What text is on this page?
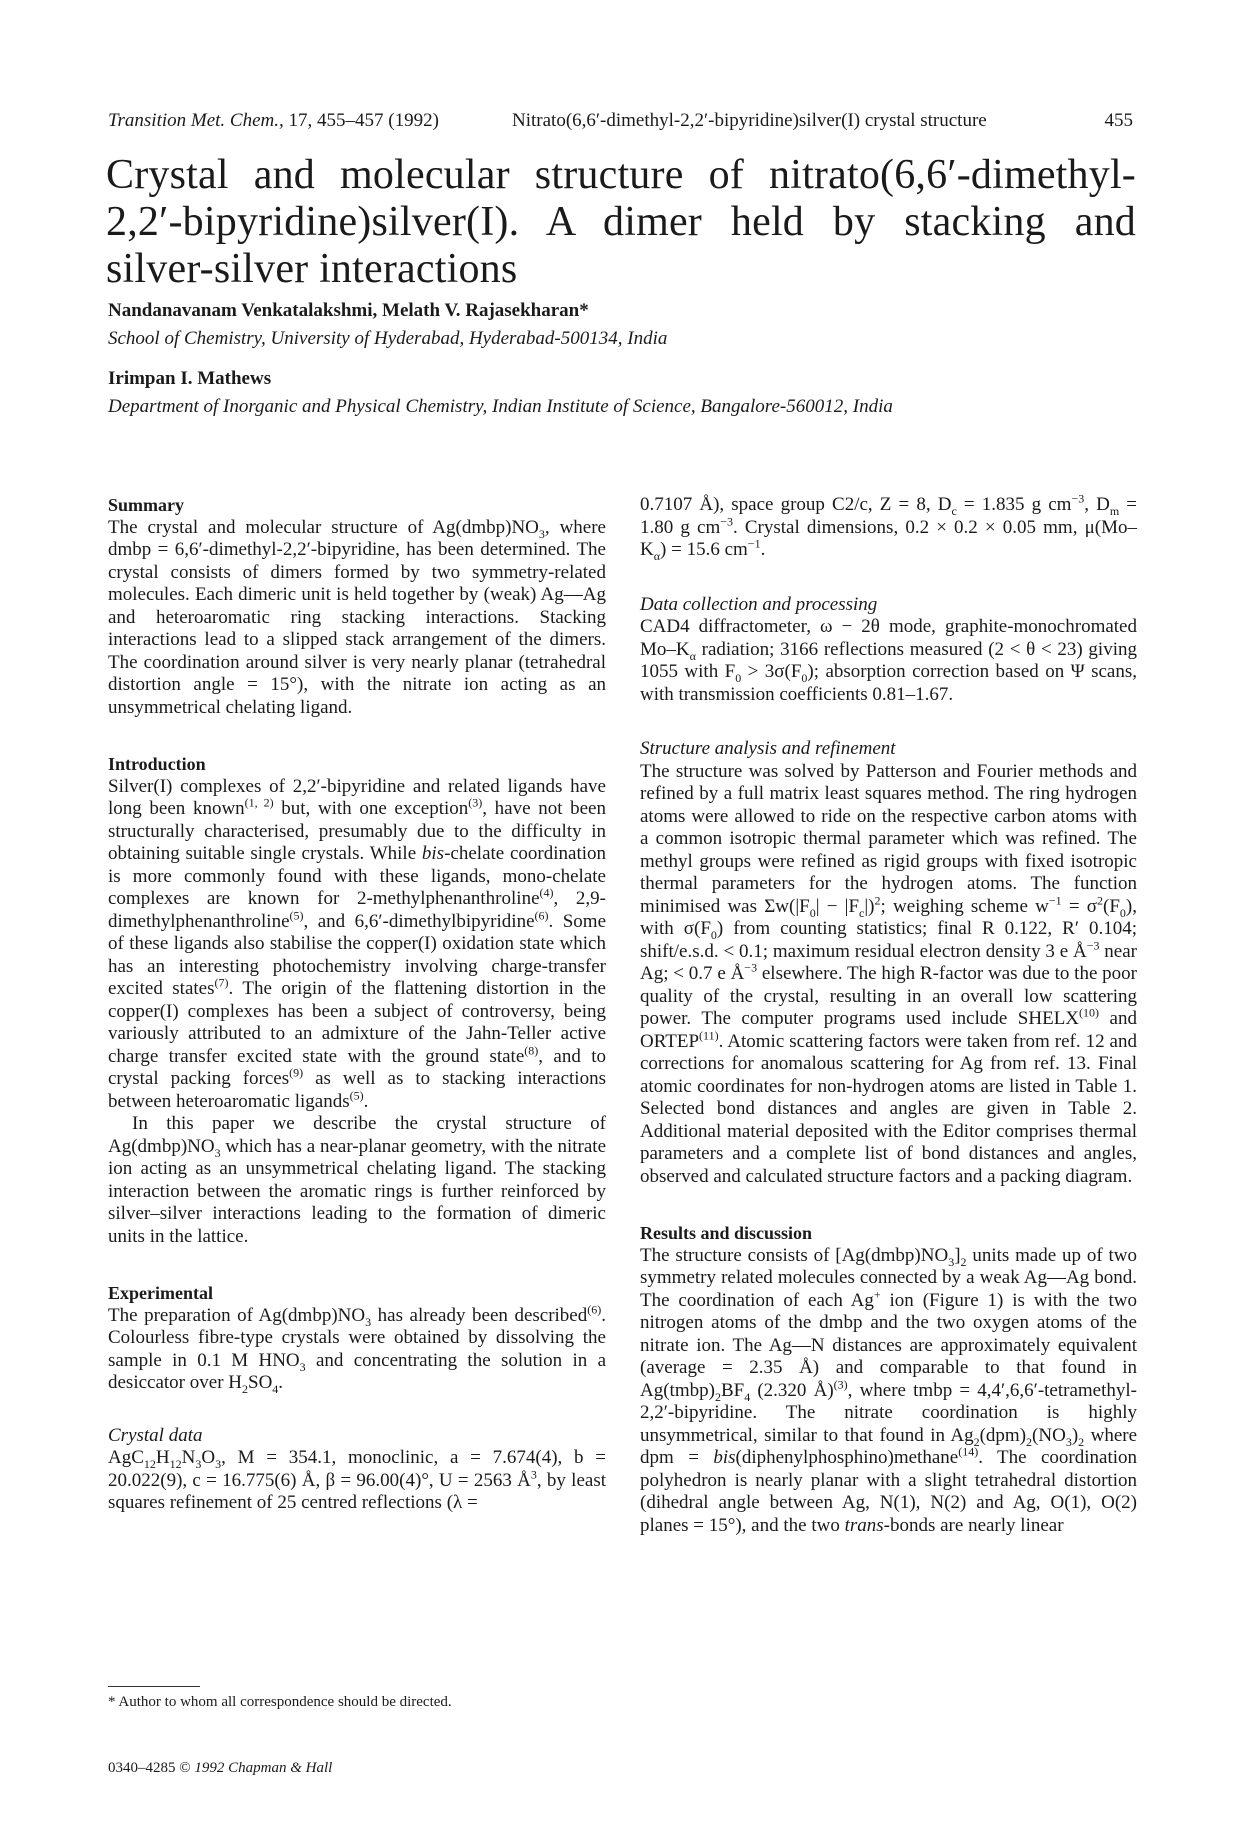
Transition Met. Chem., 17, 455–457 (1992)	Nitrato(6,6′-dimethyl-2,2′-bipyridine)silver(I) crystal structure	455
Crystal and molecular structure of nitrato(6,6′-dimethyl-2,2′-bipyridine)silver(I). A dimer held by stacking and silver-silver interactions
Nandanavanam Venkatalakshmi, Melath V. Rajasekharan*
School of Chemistry, University of Hyderabad, Hyderabad-500134, India
Irimpan I. Mathews
Department of Inorganic and Physical Chemistry, Indian Institute of Science, Bangalore-560012, India

Summary

The crystal and molecular structure of $Ag(dmbp)NO_3$, where dmbp = 6,6′-dimethyl-2,2′-bipyridine, has been determined. The crystal consists of dimers formed by two symmetry-related molecules. Each dimeric unit is held together by (weak) Ag—Ag and heteroaromatic ring stacking interactions. Stacking interactions lead to a slipped stack arrangement of the dimers. The coordination around silver is very nearly planar (tetrahedral distortion angle = 15°), with the nitrate ion acting as an unsymmetrical chelating ligand.

Introduction

Silver(I) complexes of 2,2′-bipyridine and related ligands have long been known$^{(1, 2)}$ but, with one exception$^{(3)}$, have not been structurally characterised, presumably due to the difficulty in obtaining suitable single crystals. While bis-chelate coordination is more commonly found with these ligands, mono-chelate complexes are known for 2-methylphenanthroline$^{(4)}$, 2,9-dimethylphenanthroline$^{(5)}$, and 6,6′-dimethylbipyridine$^{(6)}$. Some of these ligands also stabilise the copper(I) oxidation state which has an interesting photochemistry involving charge-transfer excited states$^{(7)}$. The origin of the flattening distortion in the copper(I) complexes has been a subject of controversy, being variously attributed to an admixture of the Jahn-Teller active charge transfer excited state with the ground state$^{(8)}$, and to crystal packing forces$^{(9)}$ as well as to stacking interactions between heteroaromatic ligands$^{(5)}$.

In this paper we describe the crystal structure of $Ag(dmbp)NO_3$ which has a near-planar geometry, with the nitrate ion acting as an unsymmetrical chelating ligand. The stacking interaction between the aromatic rings is further reinforced by silver–silver interactions leading to the formation of dimeric units in the lattice.

Experimental

The preparation of $Ag(dmbp)NO_3$ has already been described$^{(6)}$. Colourless fibre-type crystals were obtained by dissolving the sample in 0.1 M $HNO_3$ and concentrating the solution in a desiccator over $H_2SO_4$.

Crystal data

$AgC_{12}H_{12}N_3O_3$, M = 354.1, monoclinic, a = 7.674(4), b = 20.022(9), c = 16.775(6) Å, β = 96.00(4)°, U = 2563 $Å^3$, by least squares refinement of 25 centred reflections (λ =

0.7107 Å), space group C2/c, Z = 8, $D_c = 1.835$ g $cm^{-3}$, $D_m = 1.80$ g $cm^{-3}$. Crystal dimensions, 0.2 × 0.2 × 0.05 mm, $\mu(Mo-K_\alpha) = 15.6$ $cm^{-1}$.

Data collection and processing

CAD4 diffractometer, ω − 2θ mode, graphite-monochromated $Mo-K_\alpha$ radiation; 3166 reflections measured (2 < θ < 23) giving 1055 with $F_0 > 3\sigma(F_0)$; absorption correction based on Ψ scans, with transmission coefficients 0.81–1.67.

Structure analysis and refinement

The structure was solved by Patterson and Fourier methods and refined by a full matrix least squares method. The ring hydrogen atoms were allowed to ride on the respective carbon atoms with a common isotropic thermal parameter which was refined. The methyl groups were refined as rigid groups with fixed isotropic thermal parameters for the hydrogen atoms. The function minimised was $\Sigma w(|F_0| - |F_c|)^2$; weighing scheme $w^{-1} = \sigma^2(F_0)$, with $\sigma(F_0)$ from counting statistics; final R 0.122, R′ 0.104; shift/e.s.d. < 0.1; maximum residual electron density 3 e $Å^{-3}$ near Ag; < 0.7 e $Å^{-3}$ elsewhere. The high R-factor was due to the poor quality of the crystal, resulting in an overall low scattering power. The computer programs used include SHELX$^{(10)}$ and ORTEP$^{(11)}$. Atomic scattering factors were taken from ref. 12 and corrections for anomalous scattering for Ag from ref. 13. Final atomic coordinates for non-hydrogen atoms are listed in Table 1. Selected bond distances and angles are given in Table 2. Additional material deposited with the Editor comprises thermal parameters and a complete list of bond distances and angles, observed and calculated structure factors and a packing diagram.

Results and discussion

The structure consists of $[Ag(dmbp)NO_3]_2$ units made up of two symmetry related molecules connected by a weak Ag—Ag bond. The coordination of each Ag+ ion (Figure 1) is with the two nitrogen atoms of the dmbp and the two oxygen atoms of the nitrate ion. The Ag—N distances are approximately equivalent (average = 2.35 Å) and comparable to that found in $Ag(tmbp)_2BF_4$ (2.320 Å)$^{(3)}$, where tmbp = 4,4′,6,6′-tetramethyl-2,2′-bipyridine. The nitrate coordination is highly unsymmetrical, similar to that found in $Ag_2(dpm)_2(NO_3)_2$ where dpm = bis(diphenylphosphino)methane$^{(14)}$. The coordination polyhedron is nearly planar with a slight tetrahedral distortion (dihedral angle between Ag, N(1), N(2) and Ag, O(1), O(2) planes = 15°), and the two trans-bonds are nearly linear

* Author to whom all correspondence should be directed.
0340–4285 © 1992 Chapman & Hall
